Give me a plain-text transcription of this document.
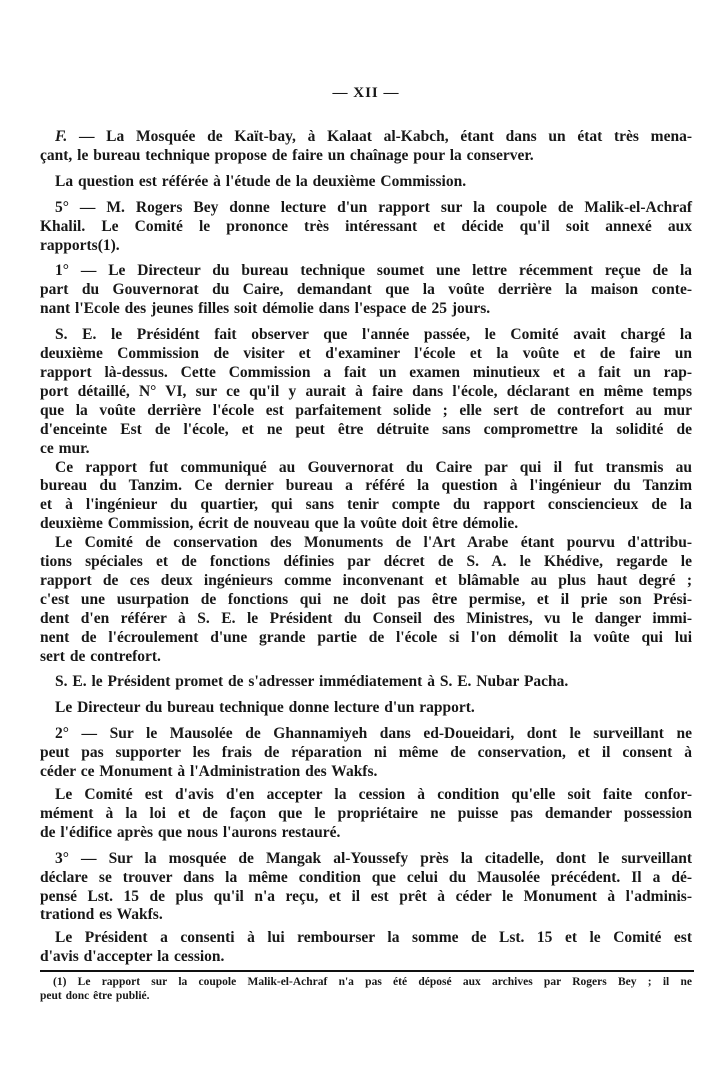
— XII —
F. — La Mosquée de Kaït-bay, à Kalaat al-Kabch, étant dans un état très mena-
çant, le bureau technique propose de faire un chaînage pour la conserver.
La question est référée à l'étude de la deuxième Commission.
5° — M. Rogers Bey donne lecture d'un rapport sur la coupole de Malik-el-Achraf
Khalil. Le Comité le prononce très intéressant et décide qu'il soit annexé aux
rapports(1).
1° — Le Directeur du bureau technique soumet une lettre récemment reçue de la
part du Gouvernorat du Caire, demandant que la voûte derrière la maison conte-
nant l'Ecole des jeunes filles soit démolie dans l'espace de 25 jours.
S. E. le Présidént fait observer que l'année passée, le Comité avait chargé la
deuxième Commission de visiter et d'examiner l'école et la voûte et de faire un
rapport là-dessus. Cette Commission a fait un examen minutieux et a fait un rap-
port détaillé, N° VI, sur ce qu'il y aurait à faire dans l'école, déclarant en même temps
que la voûte derrière l'école est parfaitement solide ; elle sert de contrefort au mur
d'enceinte Est de l'école, et ne peut être détruite sans compromettre la solidité de
ce mur.
Ce rapport fut communiqué au Gouvernorat du Caire par qui il fut transmis au
bureau du Tanzim. Ce dernier bureau a référé la question à l'ingénieur du Tanzim
et à l'ingénieur du quartier, qui sans tenir compte du rapport consciencieux de la
deuxième Commission, écrit de nouveau que la voûte doit être démolie.
Le Comité de conservation des Monuments de l'Art Arabe étant pourvu d'attribu-
tions spéciales et de fonctions définies par décret de S. A. le Khédive, regarde le
rapport de ces deux ingénieurs comme inconvenant et blâmable au plus haut degré ;
c'est une usurpation de fonctions qui ne doit pas être permise, et il prie son Prési-
dent d'en référer à S. E. le Président du Conseil des Ministres, vu le danger immi-
nent de l'écroulement d'une grande partie de l'école si l'on démolit la voûte qui lui
sert de contrefort.
S. E. le Président promet de s'adresser immédiatement à S. E. Nubar Pacha.
Le Directeur du bureau technique donne lecture d'un rapport.
2° — Sur le Mausolée de Ghannamiyeh dans ed-Doueidari, dont le surveillant ne
peut pas supporter les frais de réparation ni même de conservation, et il consent à
céder ce Monument à l'Administration des Wakfs.
Le Comité est d'avis d'en accepter la cession à condition qu'elle soit faite confor-
mément à la loi et de façon que le propriétaire ne puisse pas demander possession
de l'édifice après que nous l'aurons restauré.
3° — Sur la mosquée de Mangak al-Youssefy près la citadelle, dont le surveillant
déclare se trouver dans la même condition que celui du Mausolée précédent. Il a dé-
pensé Lst. 15 de plus qu'il n'a reçu, et il est prêt à céder le Monument à l'adminis-
trationd es Wakfs.
Le Président a consenti à lui rembourser la somme de Lst. 15 et le Comité est
d'avis d'accepter la cession.
(1) Le rapport sur la coupole Malik-el-Achraf n'a pas été déposé aux archives par Rogers Bey ; il ne
peut donc être publié.
